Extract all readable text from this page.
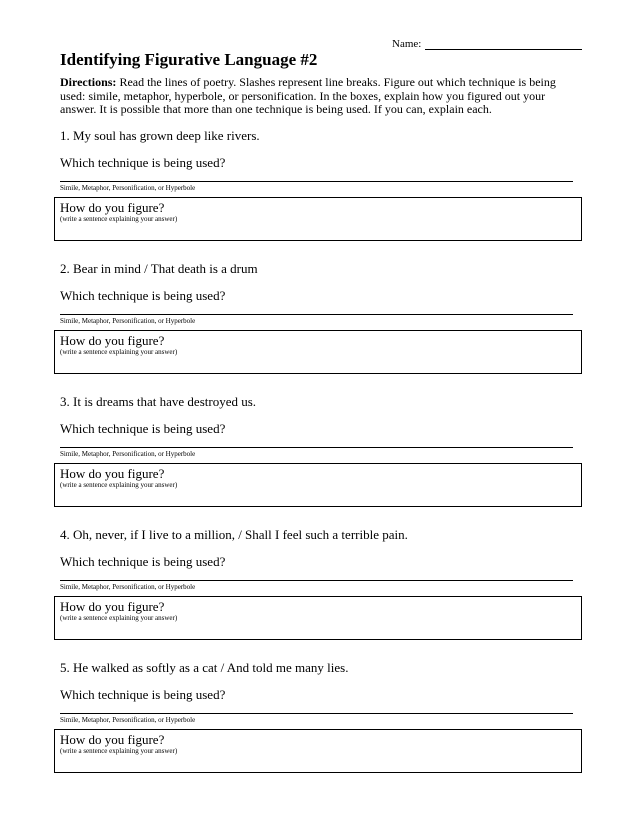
Name:
Identifying Figurative Language #2
Directions: Read the lines of poetry. Slashes represent line breaks. Figure out which technique is being used: simile, metaphor, hyperbole, or personification. In the boxes, explain how you figured out your answer. It is possible that more than one technique is being used. If you can, explain each.
1. My soul has grown deep like rivers.
Which technique is being used?
Simile, Metaphor, Personification, or Hyperbole
How do you figure?
(write a sentence explaining your answer)
2. Bear in mind / That death is a drum
Which technique is being used?
Simile, Metaphor, Personification, or Hyperbole
How do you figure?
(write a sentence explaining your answer)
3. It is dreams that have destroyed us.
Which technique is being used?
Simile, Metaphor, Personification, or Hyperbole
How do you figure?
(write a sentence explaining your answer)
4. Oh, never, if I live to a million, / Shall I feel such a terrible pain.
Which technique is being used?
Simile, Metaphor, Personification, or Hyperbole
How do you figure?
(write a sentence explaining your answer)
5. He walked as softly as a cat / And told me many lies.
Which technique is being used?
Simile, Metaphor, Personification, or Hyperbole
How do you figure?
(write a sentence explaining your answer)
